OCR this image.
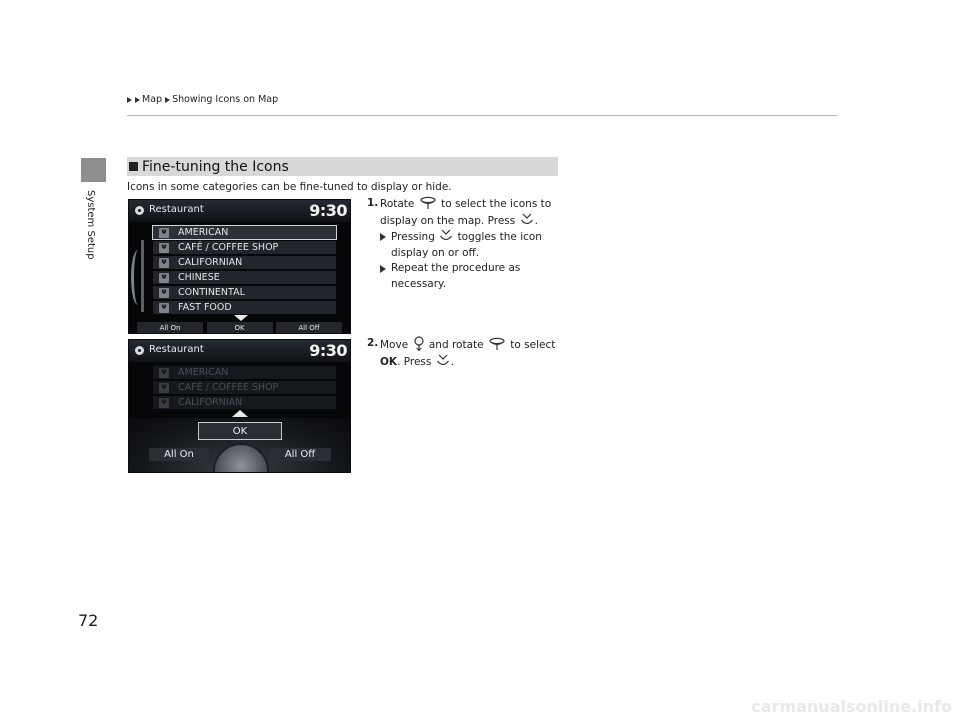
Map Showing Icons on Map
System Setup
Fine-tuning the Icons
Icons in some categories can be fine-tuned to display or hide.
Restaurant	9:30
Ψ AMERICAN
Ψ CAFÉ / COFFEE SHOP
Ψ CALIFORNIAN
Ψ CHINESE
Ψ CONTINENTAL
Ψ FAST FOOD
All On	OK	All Off
Restaurant	9:30
Ψ AMERICAN
Ψ CAFÉ / COFFEE SHOP
Ψ CALIFORNIAN
OK
All On	All Off
1. Rotate	to select the icons to display on the map. Press .
Pressing toggles the icon display on or off.
Repeat the procedure as necessary.
2. Move and rotate	to select
OK. Press .
72
carmanualsonline.info
